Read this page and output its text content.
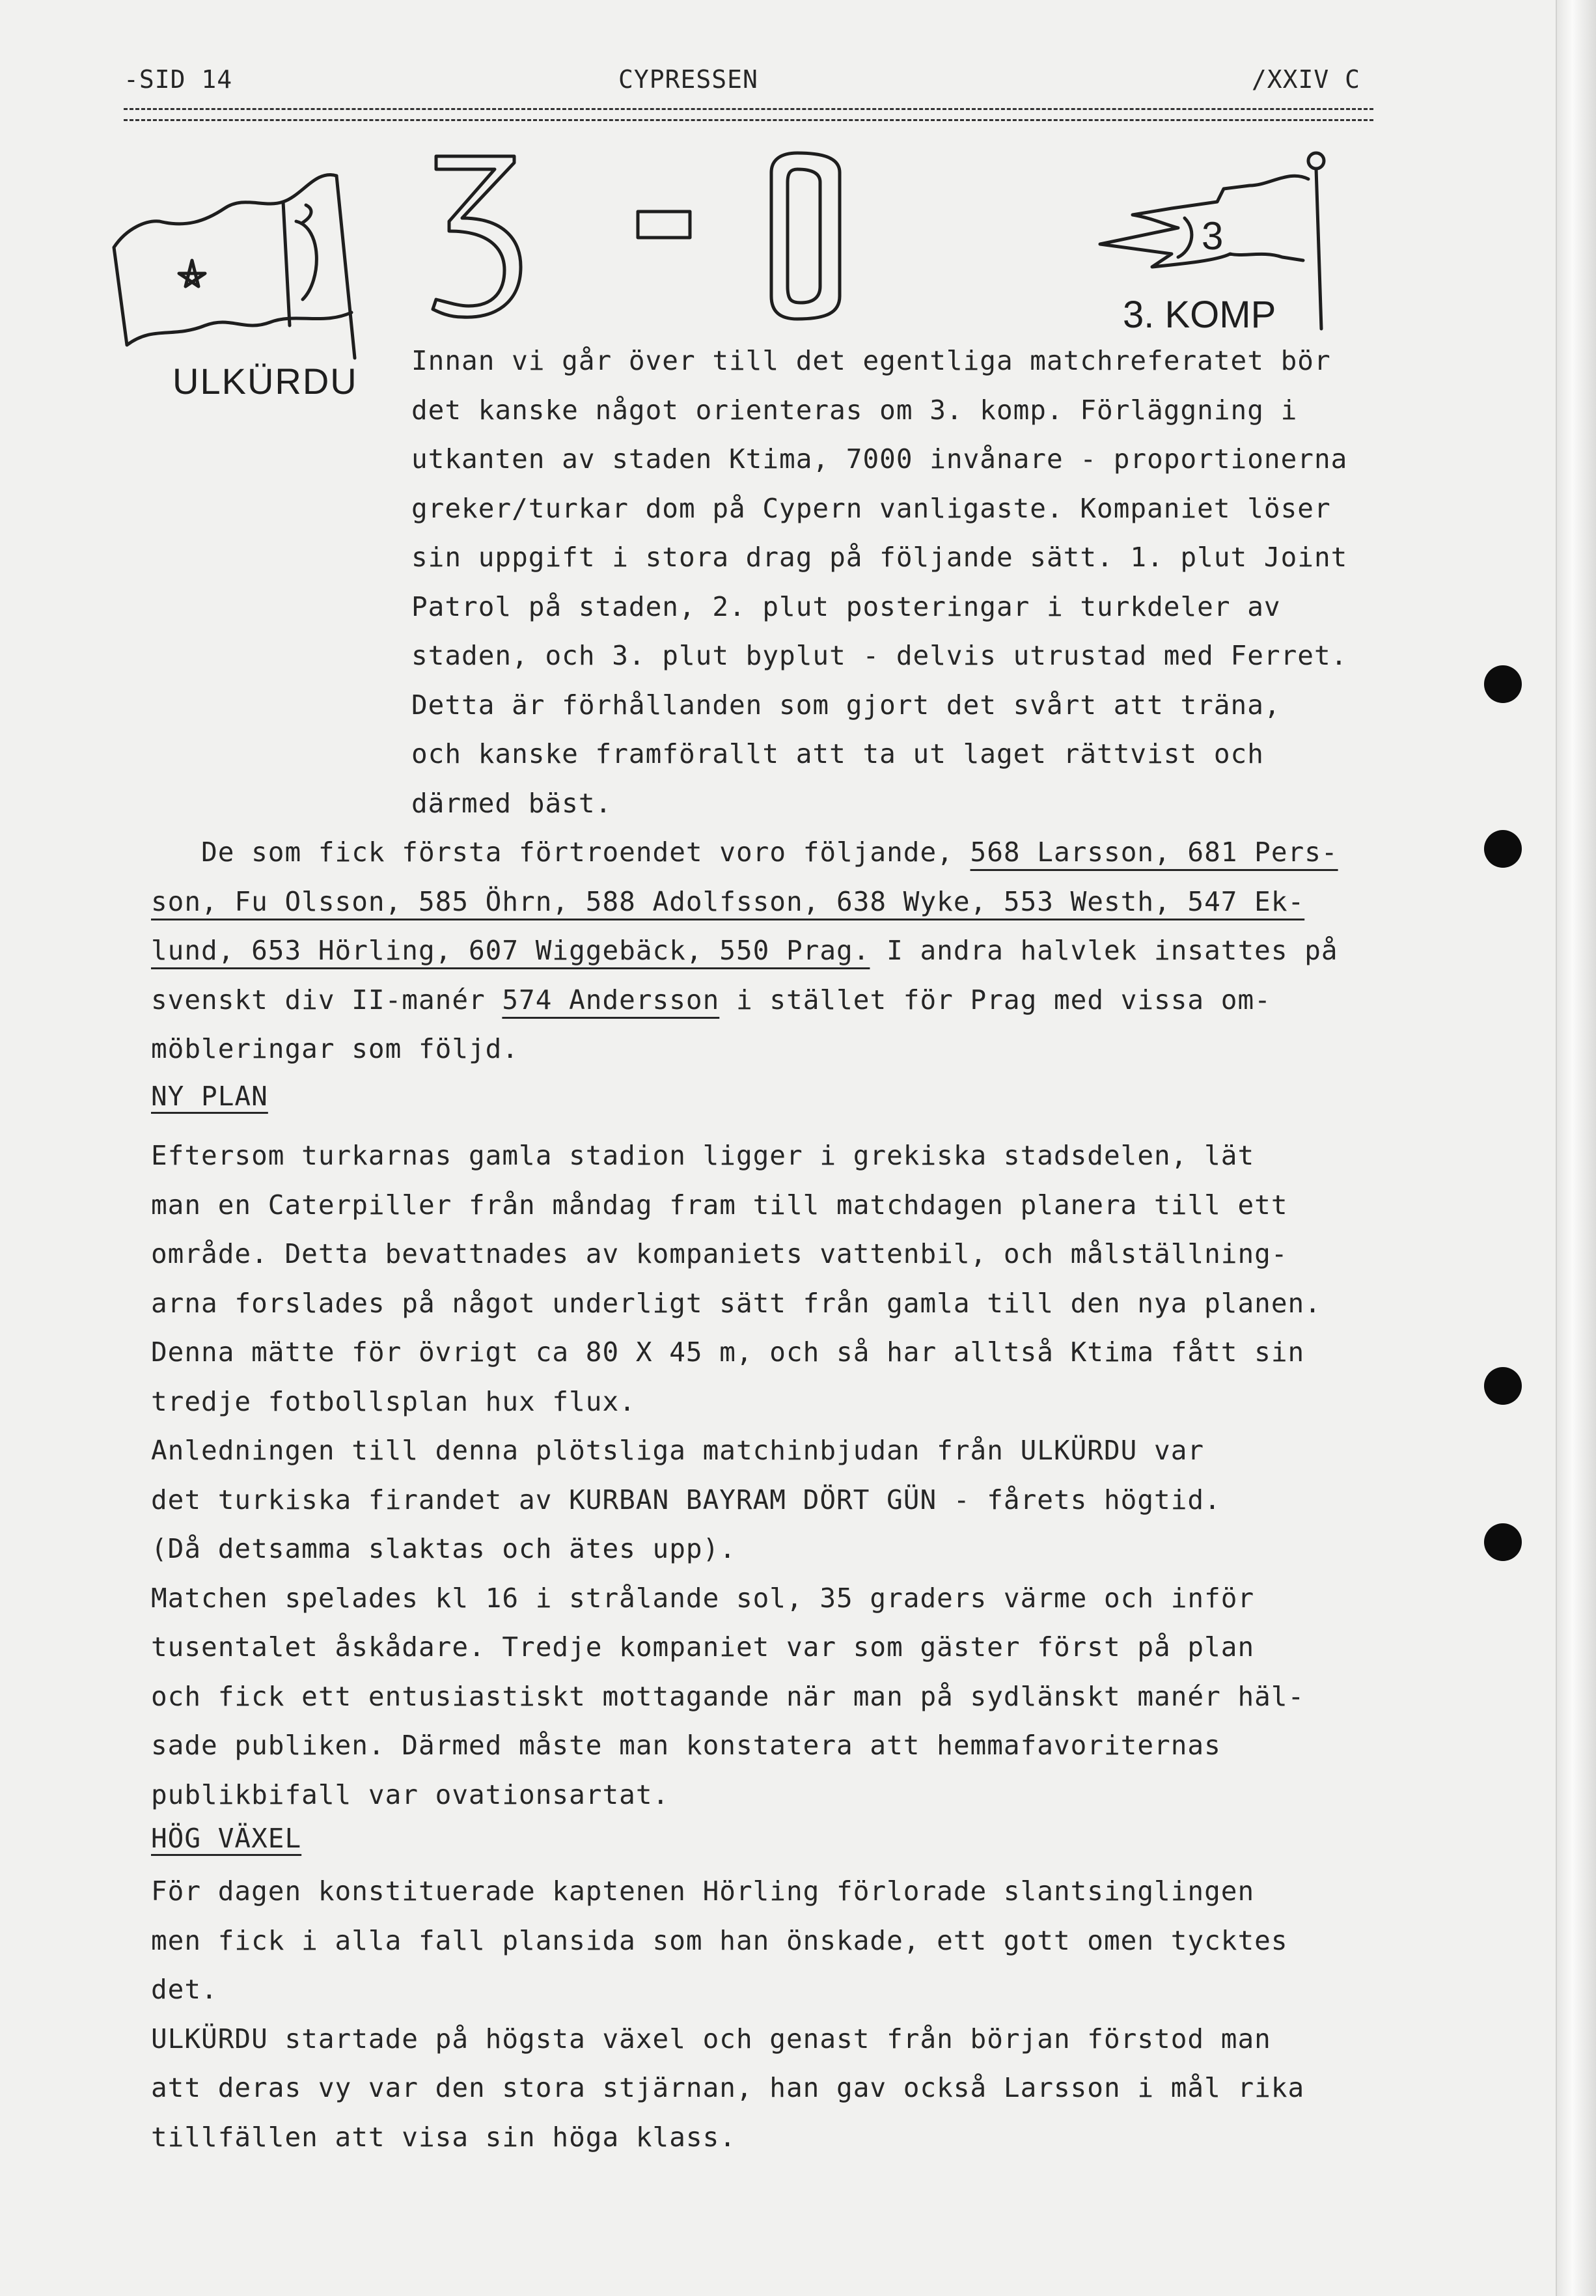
-SID 14	CYPRESSEN	/XXIV C
ULKÜRDU
3
3. KOMP
Innan vi går över till det egentliga matchreferatet bör
det kanske något orienteras om 3. komp. Förläggning i
utkanten av staden Ktima, 7000 invånare - proportionerna
greker/turkar dom på Cypern vanligaste. Kompaniet löser
sin uppgift i stora drag på följande sätt. 1. plut Joint
Patrol på staden, 2. plut posteringar i turkdeler av
staden, och 3. plut byplut - delvis utrustad med Ferret.
Detta är förhållanden som gjort det svårt att träna,
och kanske framförallt att ta ut laget rättvist och
därmed bäst.
De som fick första förtroendet voro följande, 568 Larsson, 681 Pers-
son, Fu Olsson, 585 Öhrn, 588 Adolfsson, 638 Wyke, 553 Westh, 547 Ek-
lund, 653 Hörling, 607 Wiggebäck, 550 Prag. I andra halvlek insattes på
svenskt div II-manér 574 Andersson i stället för Prag med vissa om-
möbleringar som följd.
NY PLAN
Eftersom turkarnas gamla stadion ligger i grekiska stadsdelen, lät
man en Caterpiller från måndag fram till matchdagen planera till ett
område. Detta bevattnades av kompaniets vattenbil, och målställning-
arna forslades på något underligt sätt från gamla till den nya planen.
Denna mätte för övrigt ca 80 X 45 m, och så har alltså Ktima fått sin
tredje fotbollsplan hux flux.
Anledningen till denna plötsliga matchinbjudan från ULKÜRDU var
det turkiska firandet av KURBAN BAYRAM DÖRT GÜN - fårets högtid.
(Då detsamma slaktas och ätes upp).
Matchen spelades kl 16 i strålande sol, 35 graders värme och inför
tusentalet åskådare. Tredje kompaniet var som gäster först på plan
och fick ett entusiastiskt mottagande när man på sydlänskt manér häl-
sade publiken. Därmed måste man konstatera att hemmafavoriternas
publikbifall var ovationsartat.
HÖG VÄXEL
För dagen konstituerade kaptenen Hörling förlorade slantsinglingen
men fick i alla fall plansida som han önskade, ett gott omen tycktes
det.
ULKÜRDU startade på högsta växel och genast från början förstod man
att deras vy var den stora stjärnan, han gav också Larsson i mål rika
tillfällen att visa sin höga klass.
